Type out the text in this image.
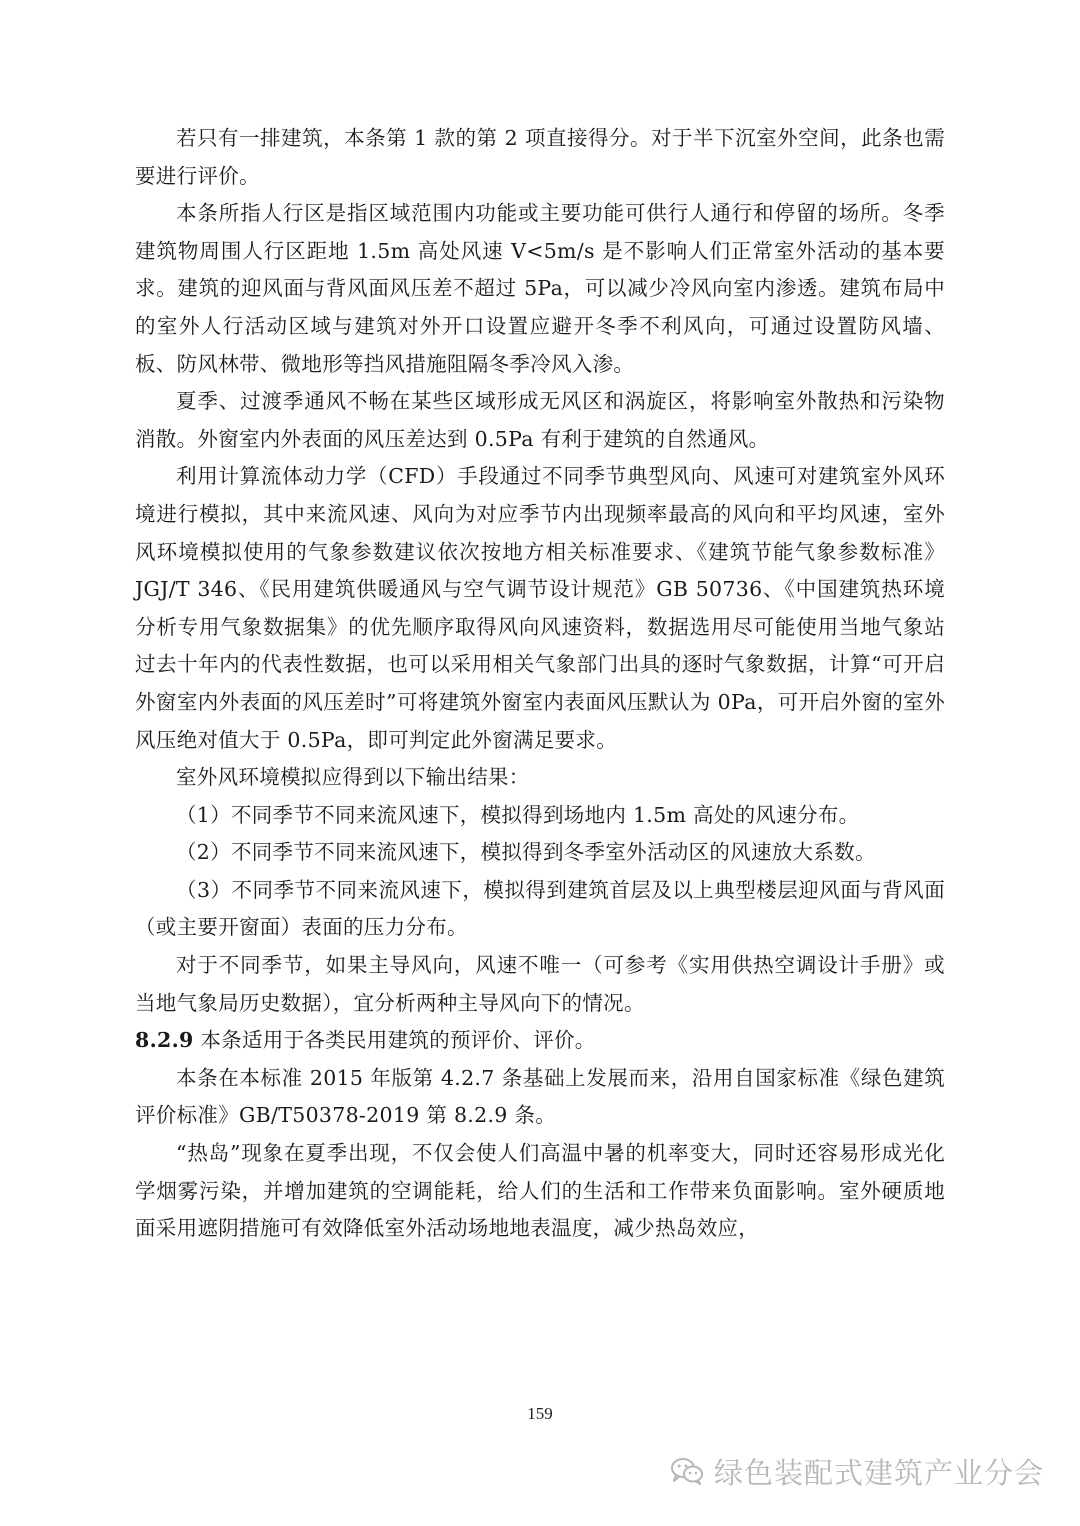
若只有一排建筑，本条第 1 款的第 2 项直接得分。对于半下沉室外空间，此条也需要进行评价。

本条所指人行区是指区域范围内功能或主要功能可供行人通行和停留的场所。冬季建筑物周围人行区距地 1.5m 高处风速 V<5m/s 是不影响人们正常室外活动的基本要求。建筑的迎风面与背风面风压差不超过 5Pa，可以减少冷风向室内渗透。建筑布局中的室外人行活动区域与建筑对外开口设置应避开冬季不利风向，可通过设置防风墙、板、防风林带、微地形等挡风措施阻隔冬季冷风入渗。

夏季、过渡季通风不畅在某些区域形成无风区和涡旋区，将影响室外散热和污染物消散。外窗室内外表面的风压差达到 0.5Pa 有利于建筑的自然通风。

利用计算流体动力学（CFD）手段通过不同季节典型风向、风速可对建筑室外风环境进行模拟，其中来流风速、风向为对应季节内出现频率最高的风向和平均风速，室外风环境模拟使用的气象参数建议依次按地方相关标准要求、《建筑节能气象参数标准》JGJ/T 346、《民用建筑供暖通风与空气调节设计规范》GB 50736、《中国建筑热环境分析专用气象数据集》的优先顺序取得风向风速资料，数据选用尽可能使用当地气象站过去十年内的代表性数据，也可以采用相关气象部门出具的逐时气象数据，计算“可开启外窗室内外表面的风压差时”可将建筑外窗室内表面风压默认为 0Pa，可开启外窗的室外风压绝对值大于 0.5Pa，即可判定此外窗满足要求。

室外风环境模拟应得到以下输出结果：

（1）不同季节不同来流风速下，模拟得到场地内 1.5m 高处的风速分布。

（2）不同季节不同来流风速下，模拟得到冬季室外活动区的风速放大系数。

（3）不同季节不同来流风速下，模拟得到建筑首层及以上典型楼层迎风面与背风面（或主要开窗面）表面的压力分布。

对于不同季节，如果主导风向，风速不唯一（可参考《实用供热空调设计手册》或当地气象局历史数据），宜分析两种主导风向下的情况。

8.2.9 本条适用于各类民用建筑的预评价、评价。

本条在本标准 2015 年版第 4.2.7 条基础上发展而来，沿用自国家标准《绿色建筑评价标准》GB/T50378-2019 第 8.2.9 条。

“热岛”现象在夏季出现，不仅会使人们高温中暑的机率变大，同时还容易形成光化学烟雾污染，并增加建筑的空调能耗，给人们的生活和工作带来负面影响。室外硬质地面采用遮阴措施可有效降低室外活动场地地表温度，减少热岛效应，

159
绿色装配式建筑产业分会
